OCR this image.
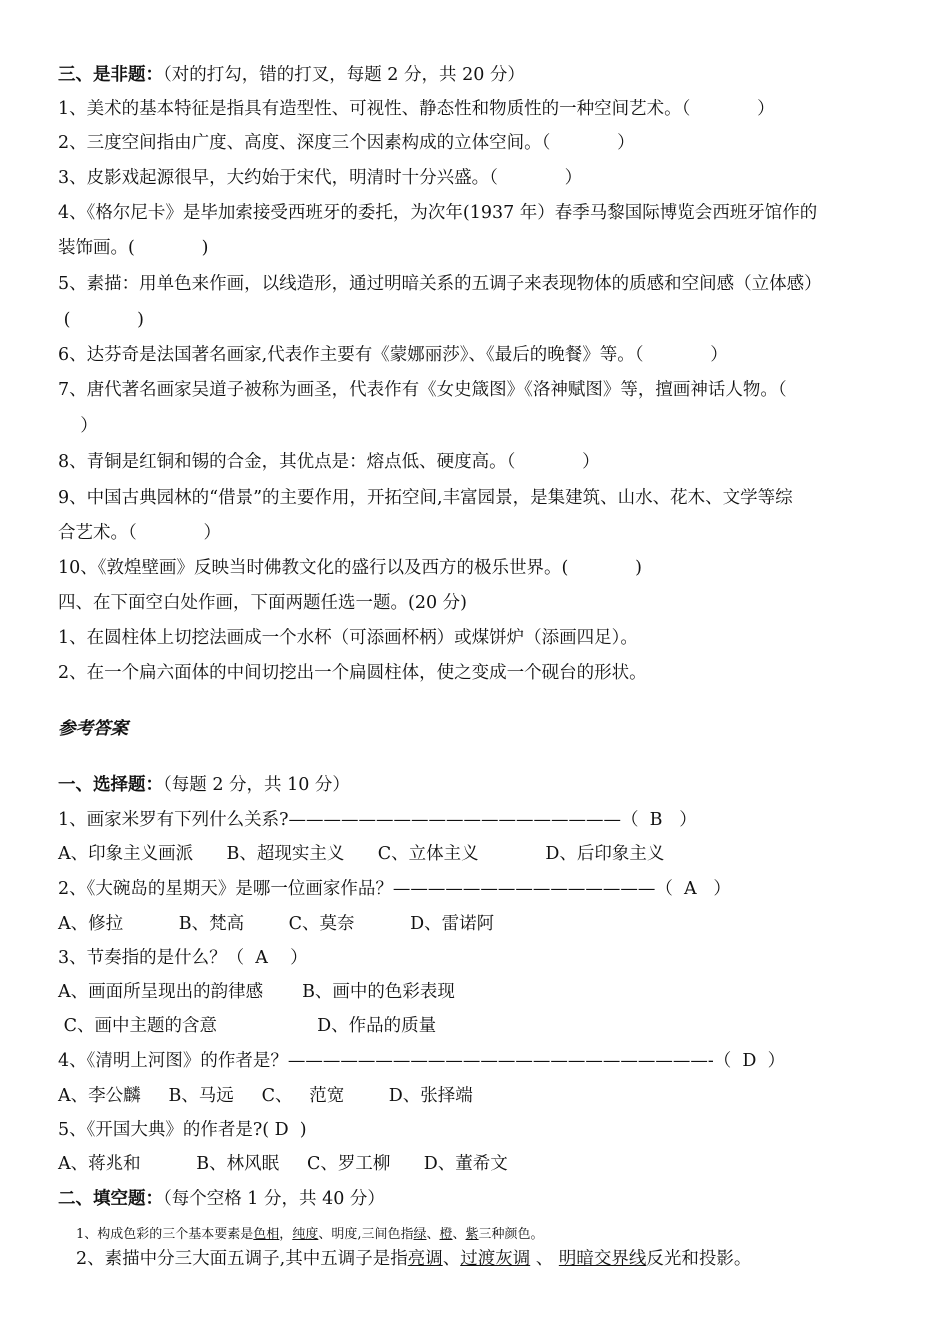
三、是非题：（对的打勾，错的打叉，每题 2 分，共 20 分）
1、美术的基本特征是指具有造型性、可视性、静态性和物质性的一种空间艺术。（            ）
2、三度空间指由广度、高度、深度三个因素构成的立体空间。（            ）
3、皮影戏起源很早，大约始于宋代，明清时十分兴盛。（            ）
4、《格尔尼卡》是毕加索接受西班牙的委托，为次年(1937 年）春季马黎国际博览会西班牙馆作的
装饰画。(            )
5、素描：用单色来作画，以线造形，通过明暗关系的五调子来表现物体的质感和空间感（立体感）
(            )
6、达芬奇是法国著名画家,代表作主要有《蒙娜丽莎》、《最后的晚餐》等。（            ）
7、唐代著名画家吴道子被称为画圣，代表作有《女史箴图》《洛神赋图》等，擅画神话人物。（
）
8、青铜是红铜和锡的合金，其优点是：熔点低、硬度高。（            ）
9、中国古典园林的“借景”的主要作用，开拓空间,丰富园景，是集建筑、山水、花木、文学等综
合艺术。（            ）
10、《敦煌壁画》反映当时佛教文化的盛行以及西方的极乐世界。(            )
四、在下面空白处作画，下面两题任选一题。(20 分)
1、在圆柱体上切挖法画成一个水杯（可添画杯柄）或煤饼炉（添画四足）。
2、在一个扁六面体的中间切挖出一个扁圆柱体，使之变成一个砚台的形状。
参考答案
一、选择题：（每题 2 分，共 10 分）
1、画家米罗有下列什么关系?———————————————————（  B   ）
A、印象主义画派      B、超现实主义      C、立体主义            D、后印象主义
2、《大碗岛的星期天》是哪一位画家作品？———————————————（  A   ）
A、修拉          B、梵高        C、莫奈          D、雷诺阿
3、节奏指的是什么？（  A    ）
A、画面所呈现出的韵律感       B、画中的色彩表现
C、画中主题的含意                  D、作品的质量
4、《清明上河图》的作者是？————————————————————————-（  D  ）
A、李公麟     B、马远     C、   范宽        D、张择端
5、《开国大典》的作者是?( D  )
A、蒋兆和          B、林风眠     C、罗工柳      D、董希文
二、填空题：（每个空格 1 分，共 40 分）
1、构成色彩的三个基本要素是色相，纯度、明度,三间色指绿、橙、紫三种颜色。
2、素描中分三大面五调子,其中五调子是指亮调、过渡灰调 、 明暗交界线反光和投影。
